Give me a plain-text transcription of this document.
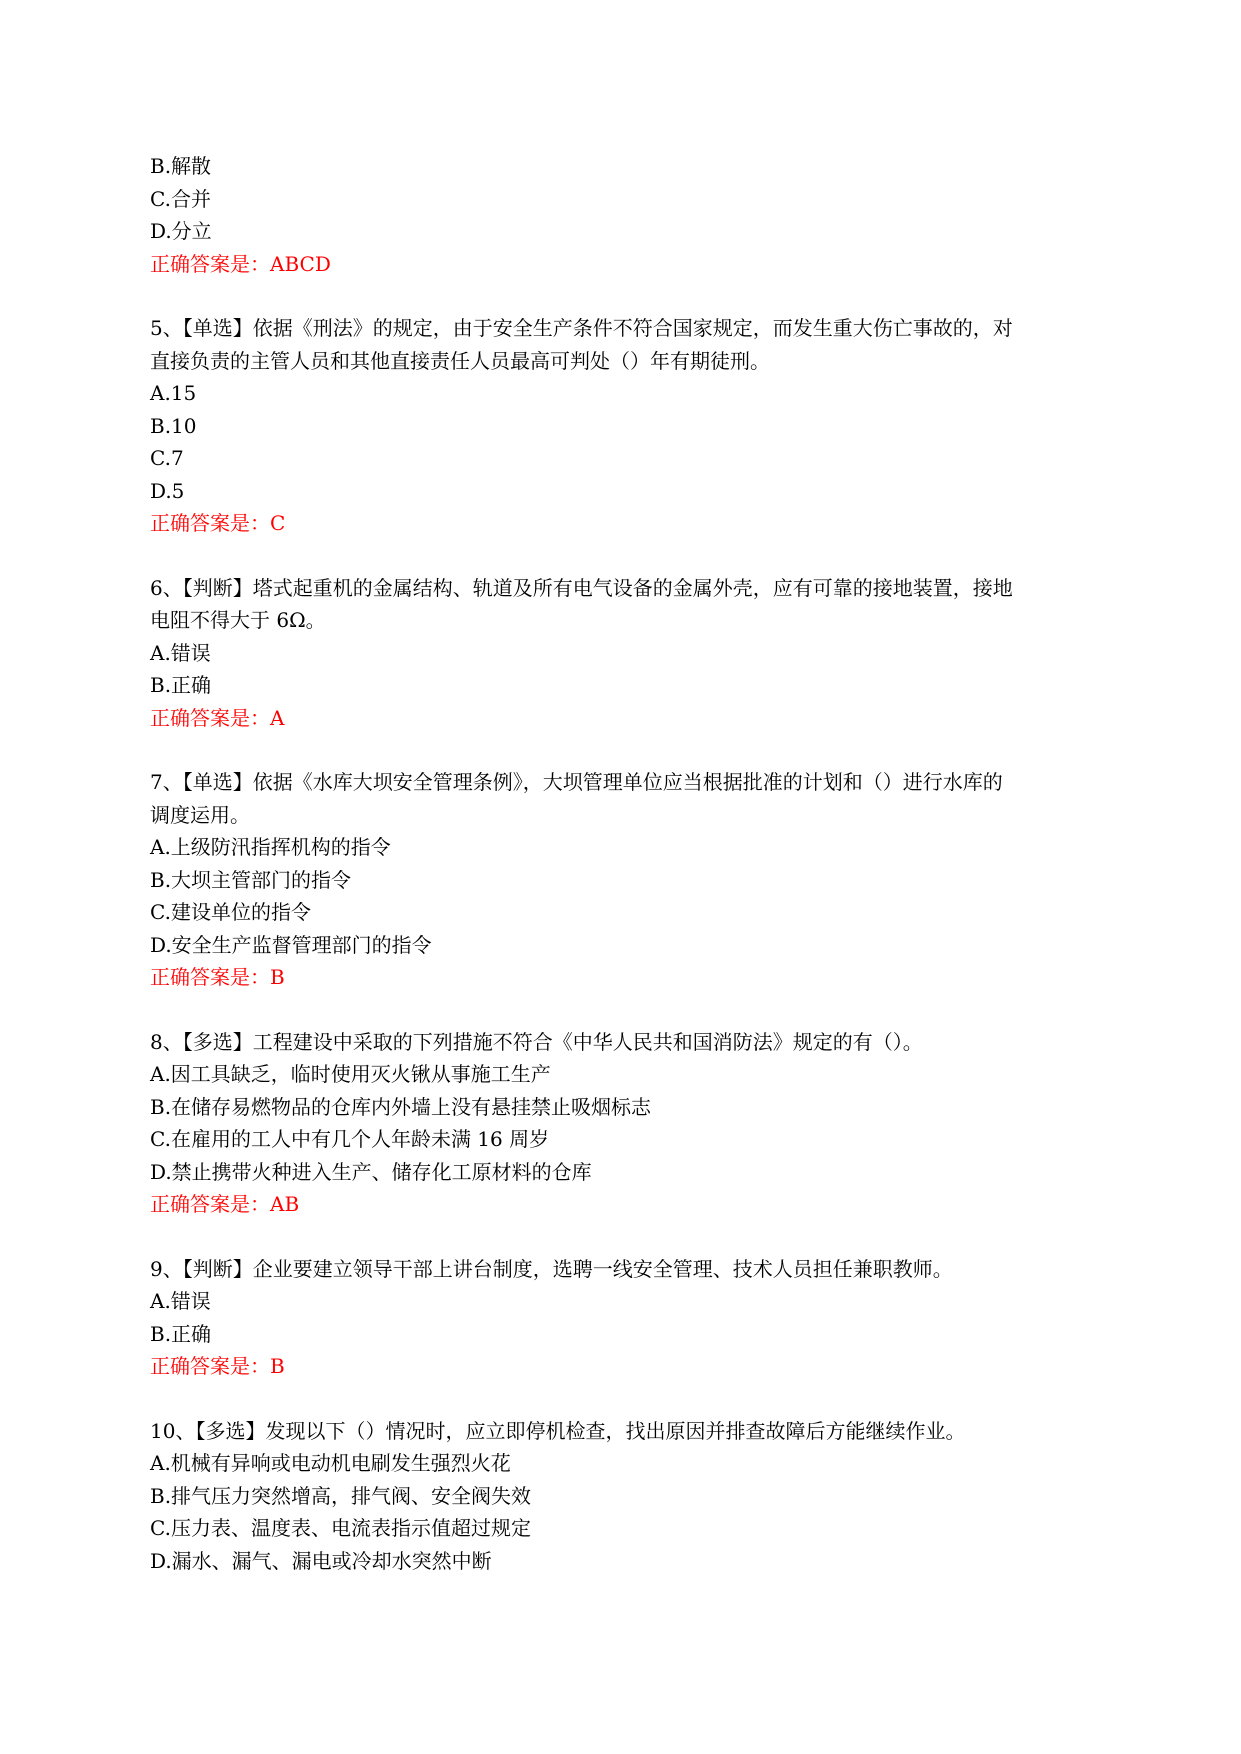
B.解散
C.合并
D.分立
正确答案是：ABCD
5、【单选】依据《刑法》的规定，由于安全生产条件不符合国家规定，而发生重大伤亡事故的，对
直接负责的主管人员和其他直接责任人员最高可判处（）年有期徒刑。
A.15
B.10
C.7
D.5
正确答案是：C
6、【判断】塔式起重机的金属结构、轨道及所有电气设备的金属外壳，应有可靠的接地装置，接地
电阻不得大于 6Ω。
A.错误
B.正确
正确答案是：A
7、【单选】依据《水库大坝安全管理条例》，大坝管理单位应当根据批准的计划和（）进行水库的
调度运用。
A.上级防汛指挥机构的指令
B.大坝主管部门的指令
C.建设单位的指令
D.安全生产监督管理部门的指令
正确答案是：B
8、【多选】工程建设中采取的下列措施不符合《中华人民共和国消防法》规定的有（）。
A.因工具缺乏，临时使用灭火锹从事施工生产
B.在储存易燃物品的仓库内外墙上没有悬挂禁止吸烟标志
C.在雇用的工人中有几个人年龄未满 16 周岁
D.禁止携带火种进入生产、储存化工原材料的仓库
正确答案是：AB
9、【判断】企业要建立领导干部上讲台制度，选聘一线安全管理、技术人员担任兼职教师。
A.错误
B.正确
正确答案是：B
10、【多选】发现以下（）情况时，应立即停机检查，找出原因并排查故障后方能继续作业。
A.机械有异响或电动机电刷发生强烈火花
B.排气压力突然增高，排气阀、安全阀失效
C.压力表、温度表、电流表指示值超过规定
D.漏水、漏气、漏电或冷却水突然中断
